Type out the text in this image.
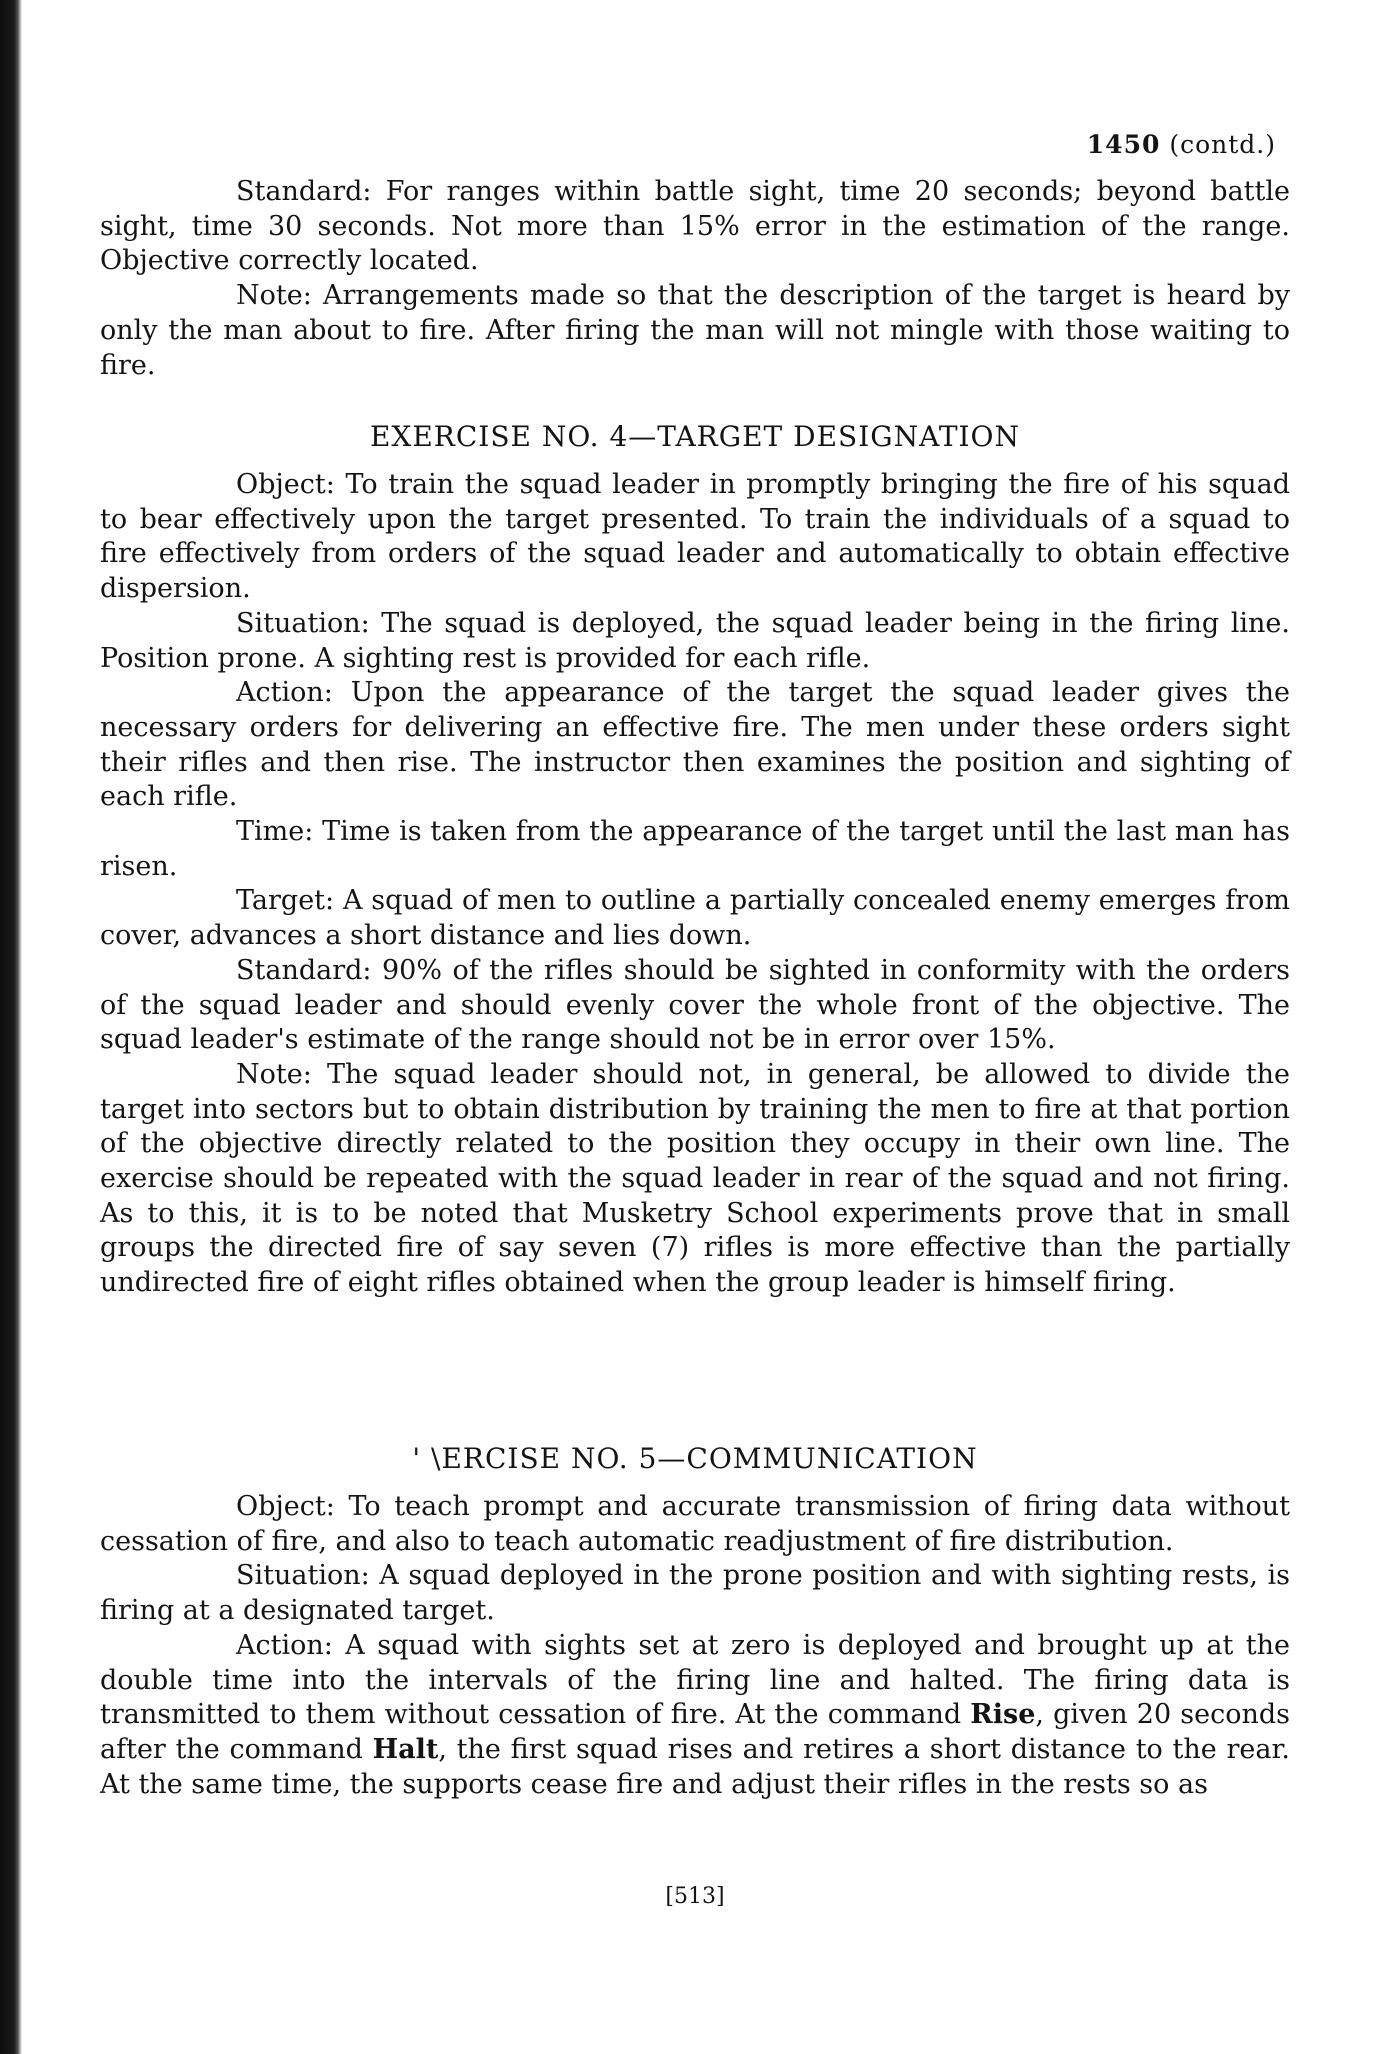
1450 (contd.)

Standard: For ranges within battle sight, time 20 seconds; beyond battle sight, time 30 seconds. Not more than 15% error in the estimation of the range. Objective correctly located.

Note: Arrangements made so that the description of the target is heard by only the man about to fire. After firing the man will not mingle with those waiting to fire.

EXERCISE NO. 4—TARGET DESIGNATION

Object: To train the squad leader in promptly bringing the fire of his squad to bear effectively upon the target presented. To train the individuals of a squad to fire effectively from orders of the squad leader and automatically to obtain effective dispersion.

Situation: The squad is deployed, the squad leader being in the firing line. Position prone. A sighting rest is provided for each rifle.

Action: Upon the appearance of the target the squad leader gives the necessary orders for delivering an effective fire. The men under these orders sight their rifles and then rise. The instructor then examines the position and sighting of each rifle.

Time: Time is taken from the appearance of the target until the last man has risen.

Target: A squad of men to outline a partially concealed enemy emerges from cover, advances a short distance and lies down.

Standard: 90% of the rifles should be sighted in conformity with the orders of the squad leader and should evenly cover the whole front of the objective. The squad leader's estimate of the range should not be in error over 15%.

Note: The squad leader should not, in general, be allowed to divide the target into sectors but to obtain distribution by training the men to fire at that portion of the objective directly related to the position they occupy in their own line. The exercise should be repeated with the squad leader in rear of the squad and not firing. As to this, it is to be noted that Musketry School experiments prove that in small groups the directed fire of say seven (7) rifles is more effective than the partially undirected fire of eight rifles obtained when the group leader is himself firing.

' \ERCISE NO. 5—COMMUNICATION

Object: To teach prompt and accurate transmission of firing data without cessation of fire, and also to teach automatic readjustment of fire distribution.

Situation: A squad deployed in the prone position and with sighting rests, is firing at a designated target.

Action: A squad with sights set at zero is deployed and brought up at the double time into the intervals of the firing line and halted. The firing data is transmitted to them without cessation of fire. At the command Rise, given 20 seconds after the command Halt, the first squad rises and retires a short distance to the rear. At the same time, the supports cease fire and adjust their rifles in the rests so as

[513]
